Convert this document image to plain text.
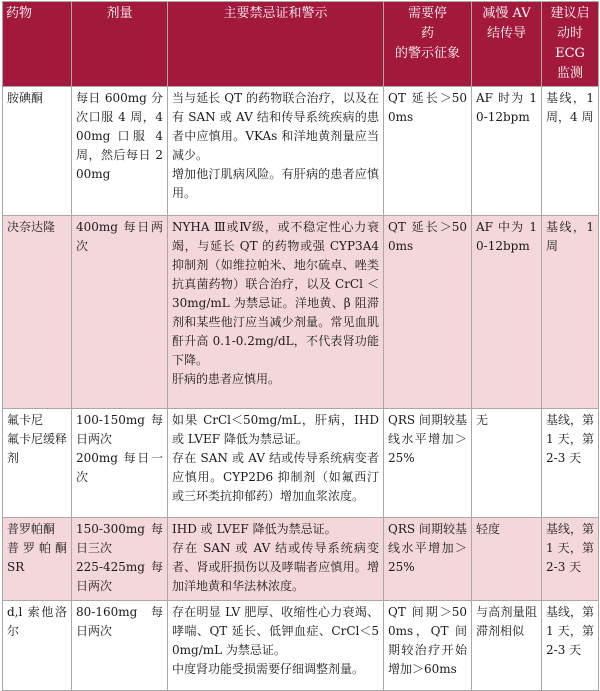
药物	剂量	主要禁忌证和警示	需要停
药
的警示征象	减慢 AV
结传导	建议启
动时
ECG
监测

胺碘酮	每日 600mg 分次口服 4 周，400mg 口服 4 周，然后每日 200mg	当与延长 QT 的药物联合治疗，以及在有 SAN 或 AV 结和传导系统疾病的患者中应慎用。VKAs 和洋地黄剂量应当减少。
增加他汀肌病风险。有肝病的患者应慎用。	QT 延长＞500ms	AF 时为 10-12bpm	基线，1 周，4 周

决奈达隆	400mg 每日两次	NYHA Ⅲ或Ⅳ级，或不稳定性心力衰竭，与延长 QT 的药物或强 CYP3A4 抑制剂（如维拉帕米、地尔硫卓、唑类抗真菌药物）联合治疗，以及 CrCl ＜ 30mg/mL 为禁忌证。洋地黄、β 阻滞剂和某些他汀应当减少剂量。常见血肌酐升高 0.1-0.2mg/dL，不代表肾功能下降。
肝病的患者应慎用。	QT 延长＞500ms	AF 中为 10-12bpm	基线，1 周

氟卡尼
氟卡尼缓释剂	100-150mg 每日两次
200mg 每日一次	如果 CrCl＜50mg/mL，肝病，IHD 或 LVEF 降低为禁忌证。
存在 SAN 或 AV 结或传导系统病变者应慎用。CYP2D6 抑制剂（如氟西汀或三环类抗抑郁药）增加血浆浓度。	QRS 间期较基线水平增加＞25%	无	基线，第 1 天，第 2-3 天

普罗帕酮
普罗帕酮 SR	150-300mg 每日三次
225-425mg 每日两次	IHD 或 LVEF 降低为禁忌证。
存在 SAN 或 AV 结或传导系统病变者、肾或肝损伤以及哮喘者应慎用。增加洋地黄和华法林浓度。	QRS 间期较基线水平增加＞25%	轻度	基线，第 1 天，第 2-3 天

d,l 索他洛尔	80-160mg 每日两次	存在明显 LV 肥厚、收缩性心力衰竭、哮喘、QT 延长、低钾血症、CrCl＜50mg/mL 为禁忌证。
中度肾功能受损需要仔细调整剂量。	QT 间期＞500ms，QT 间期较治疗开始增加＞60ms	与高剂量阻滞剂相似	基线，第 1 天，第 2-3 天
